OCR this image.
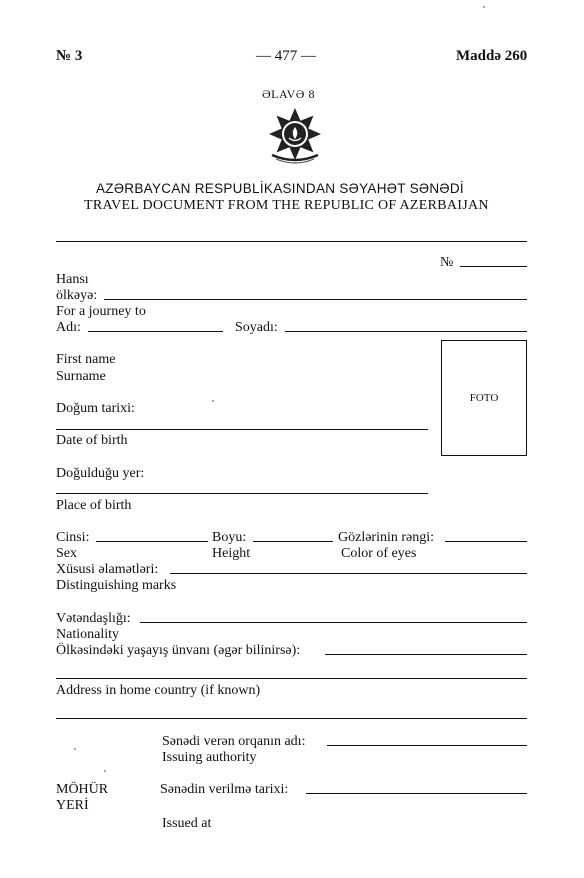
№ 3	— 477 —	Maddə 260
ƏLAVƏ 8
AZƏRBAYCAN RESPUBLİKASINDAN SƏYAHƏT SƏNƏDİ
TRAVEL DOCUMENT FROM THE REPUBLIC OF AZERBAIJAN
№
Hansı
ölkəyə:
For a journey to
Adı:	Soyadı:
First name
Surname
FOTO
Doğum tarixi:
Date of birth
Doğulduğu yer:
Place of birth
Cinsi:	Boyu:	Gözlərinin rəngi:
Sex	Height	Color of eyes
Xüsusi əlamətləri:
Distinguishing marks
Vətəndaşlığı:
Nationality
Ölkəsindəki yaşayış ünvanı (əgər bilinirsə):
Address in home country (if known)
Sənədi verən orqanın adı:
Issuing authority
MÖHÜR
YERİ
Sənədin verilmə tarixi:
Issued at
